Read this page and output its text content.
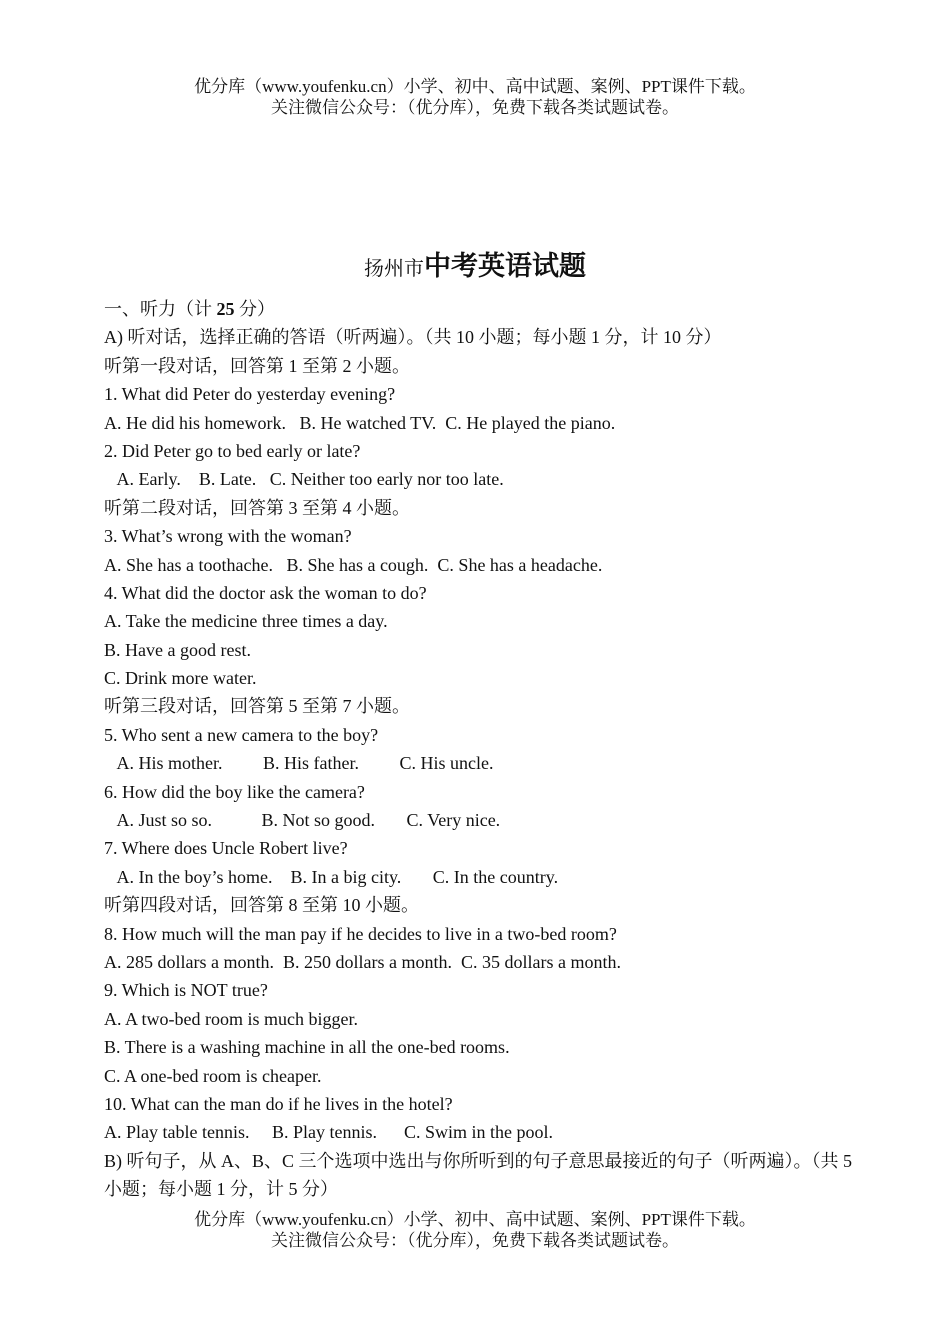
优分库（www.youfenku.cn）小学、初中、高中试题、案例、PPT课件下载。
关注微信公众号：（优分库），免费下载各类试题试卷。
扬州市中考英语试题
一、听力（计 25 分）
A) 听对话，选择正确的答语（听两遍）。（共 10 小题；每小题 1 分，计 10 分）
听第一段对话，回答第 1 至第 2 小题。
1. What did Peter do yesterday evening?
A. He did his homework.   B. He watched TV.  C. He played the piano.
2. Did Peter go to bed early or late?
A. Early.    B. Late.   C. Neither too early nor too late.
听第二段对话，回答第 3 至第 4 小题。
3. What’s wrong with the woman?
A. She has a toothache.   B. She has a cough.  C. She has a headache.
4. What did the doctor ask the woman to do?
A. Take the medicine three times a day.
B. Have a good rest.
C. Drink more water.
听第三段对话，回答第 5 至第 7 小题。
5. Who sent a new camera to the boy?
A. His mother.         B. His father.         C. His uncle.
6. How did the boy like the camera?
A. Just so so.           B. Not so good.       C. Very nice.
7. Where does Uncle Robert live?
A. In the boy’s home.    B. In a big city.       C. In the country.
听第四段对话，回答第 8 至第 10 小题。
8. How much will the man pay if he decides to live in a two-bed room?
A. 285 dollars a month.  B. 250 dollars a month.  C. 35 dollars a month.
9. Which is NOT true?
A. A two-bed room is much bigger.
B. There is a washing machine in all the one-bed rooms.
C. A one-bed room is cheaper.
10. What can the man do if he lives in the hotel?
A. Play table tennis.     B. Play tennis.      C. Swim in the pool.
B) 听句子，从 A、B、C 三个选项中选出与你所听到的句子意思最接近的句子（听两遍）。（共 5 小题；每小题 1 分，计 5 分）
优分库（www.youfenku.cn）小学、初中、高中试题、案例、PPT课件下载。
关注微信公众号：（优分库），免费下载各类试题试卷。
